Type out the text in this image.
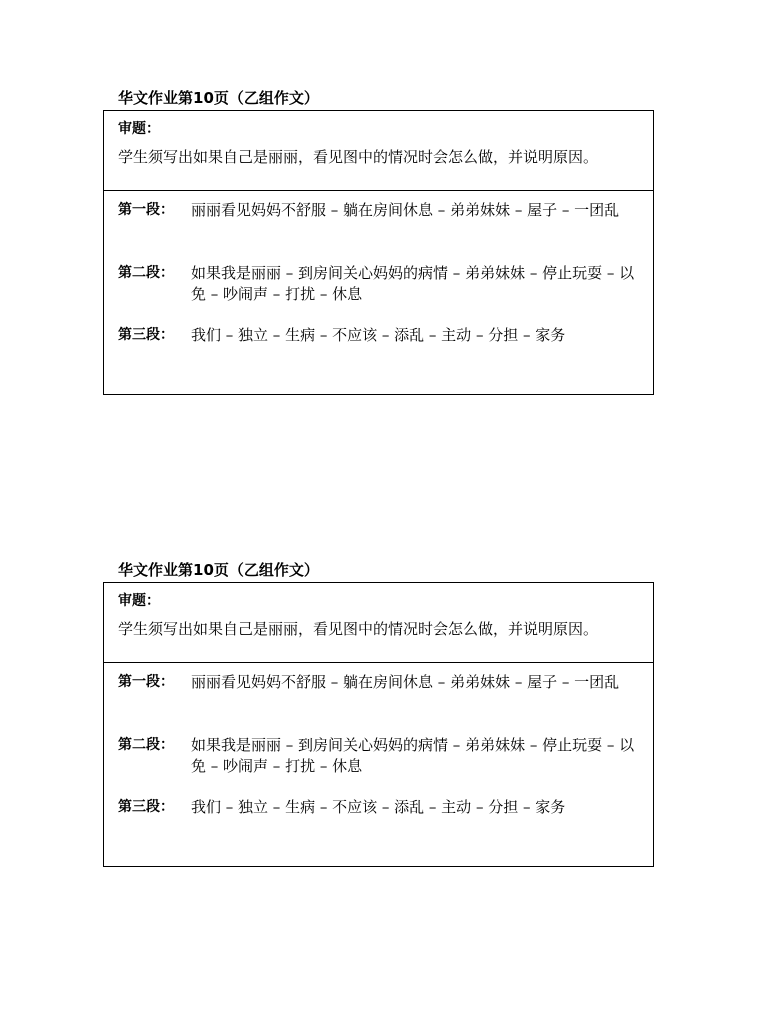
华文作业第10页（乙组作文）
审题：
学生须写出如果自己是丽丽，看见图中的情况时会怎么做，并说明原因。
第一段： 丽丽看见妈妈不舒服 – 躺在房间休息 – 弟弟妹妹 – 屋子 – 一团乱
第二段： 如果我是丽丽 – 到房间关心妈妈的病情 – 弟弟妹妹 – 停止玩耍 – 以免 – 吵闹声 – 打扰 – 休息
第三段： 我们 – 独立 – 生病 – 不应该 – 添乱 – 主动 – 分担 – 家务
华文作业第10页（乙组作文）
审题：
学生须写出如果自己是丽丽，看见图中的情况时会怎么做，并说明原因。
第一段： 丽丽看见妈妈不舒服 – 躺在房间休息 – 弟弟妹妹 – 屋子 – 一团乱
第二段： 如果我是丽丽 – 到房间关心妈妈的病情 – 弟弟妹妹 – 停止玩耍 – 以免 – 吵闹声 – 打扰 – 休息
第三段： 我们 – 独立 – 生病 – 不应该 – 添乱 – 主动 – 分担 – 家务
